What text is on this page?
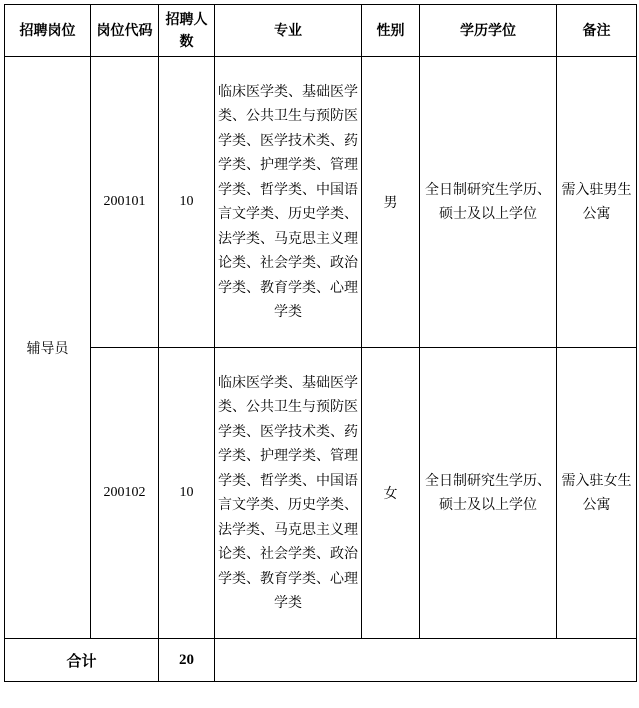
招聘岗位	岗位代码	招聘人数	专业	性别	学历学位	备注
辅导员	200101	10	临床医学类、基础医学类、公共卫生与预防医学类、医学技术类、药学类、护理学类、管理学类、哲学类、中国语言文学类、历史学类、法学类、马克思主义理论类、社会学类、政治学类、教育学类、心理学类	男	全日制研究生学历、硕士及以上学位	需入驻男生公寓
	200102	10	临床医学类、基础医学类、公共卫生与预防医学类、医学技术类、药学类、护理学类、管理学类、哲学类、中国语言文学类、历史学类、法学类、马克思主义理论类、社会学类、政治学类、教育学类、心理学类	女	全日制研究生学历、硕士及以上学位	需入驻女生公寓
合计		20				
